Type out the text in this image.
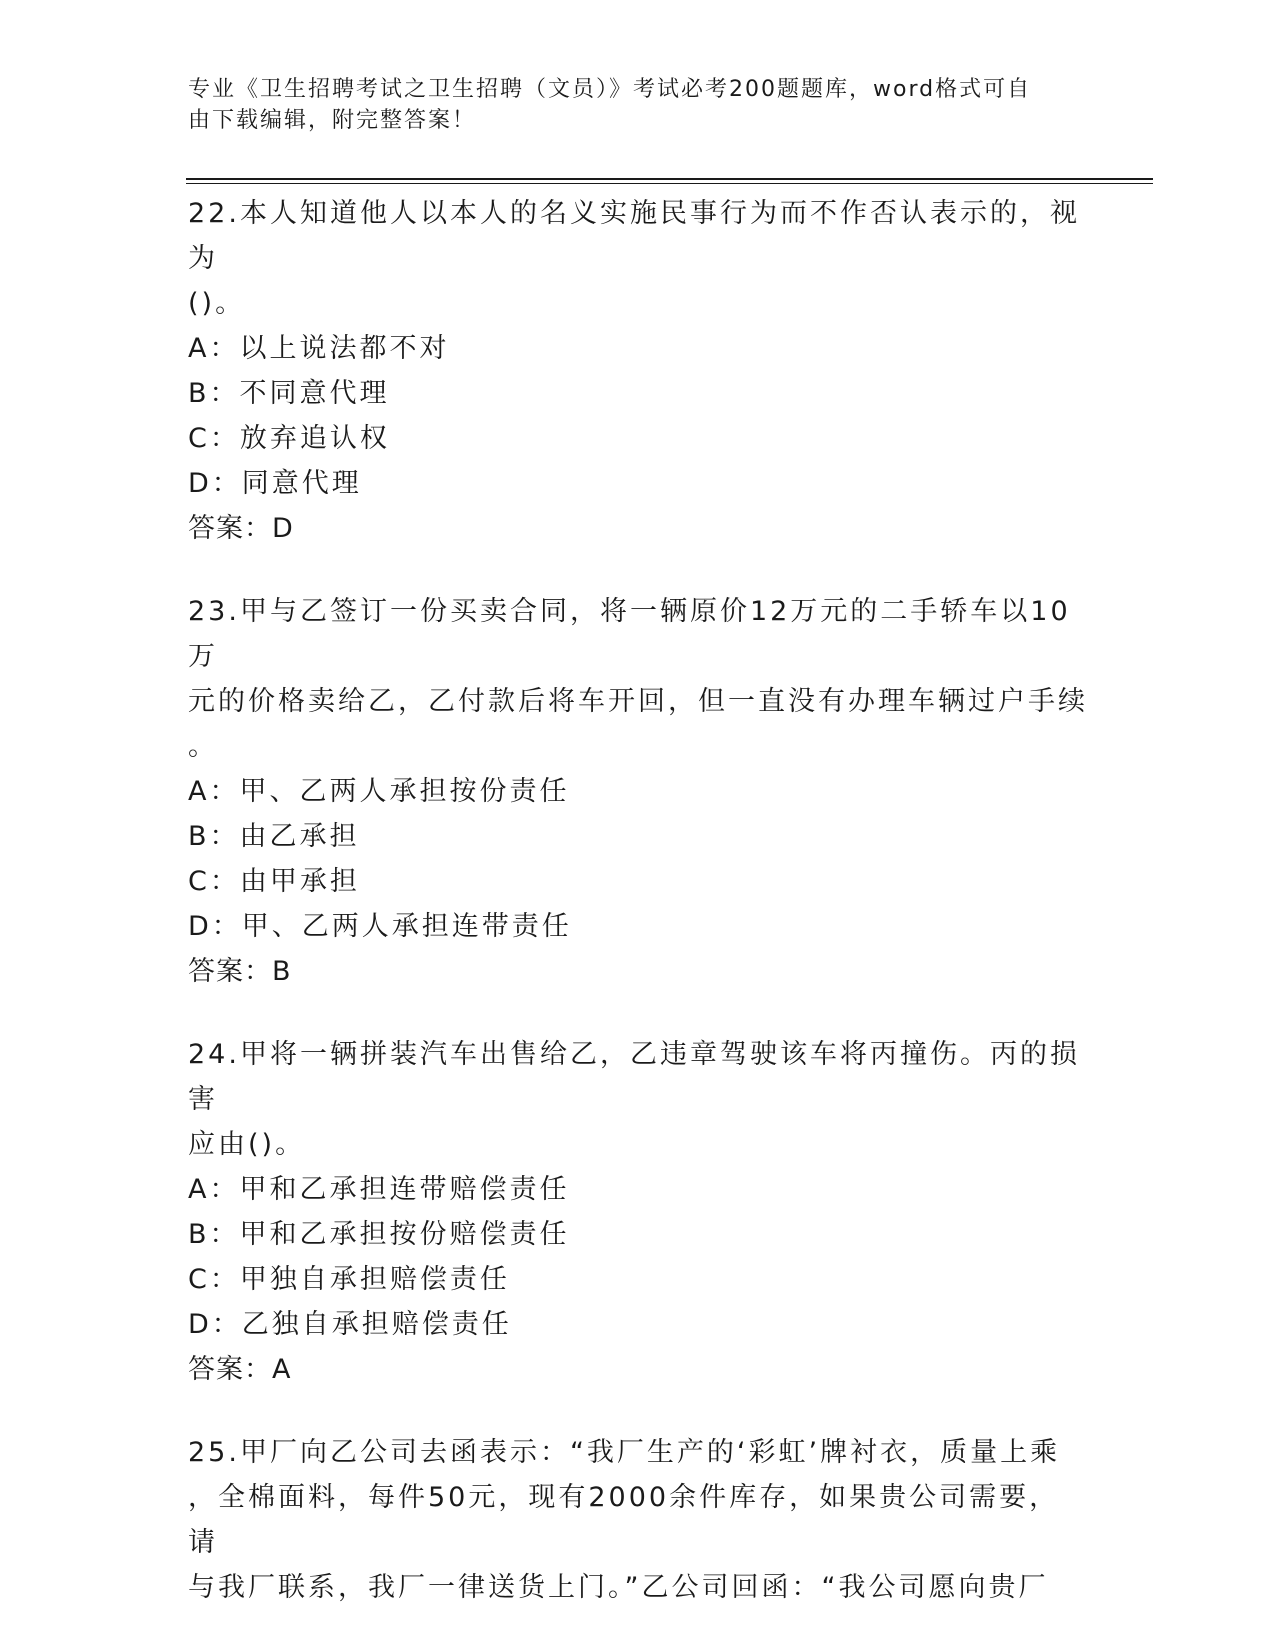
专业《卫生招聘考试之卫生招聘（文员）》考试必考200题题库，word格式可自
由下载编辑，附完整答案！
22.本人知道他人以本人的名义实施民事行为而不作否认表示的，视为
()。
A：以上说法都不对
B：不同意代理
C：放弃追认权
D：同意代理
答案：D
23.甲与乙签订一份买卖合同，将一辆原价12万元的二手轿车以10万
元的价格卖给乙，乙付款后将车开回，但一直没有办理车辆过户手续
。
A：甲、乙两人承担按份责任
B：由乙承担
C：由甲承担
D：甲、乙两人承担连带责任
答案：B
24.甲将一辆拼装汽车出售给乙，乙违章驾驶该车将丙撞伤。丙的损害
应由()。
A：甲和乙承担连带赔偿责任
B：甲和乙承担按份赔偿责任
C：甲独自承担赔偿责任
D：乙独自承担赔偿责任
答案：A
25.甲厂向乙公司去函表示：“我厂生产的‘彩虹’牌衬衣，质量上乘
，全棉面料，每件50元，现有2000余件库存，如果贵公司需要，请
与我厂联系，我厂一律送货上门。”乙公司回函：“我公司愿向贵厂
